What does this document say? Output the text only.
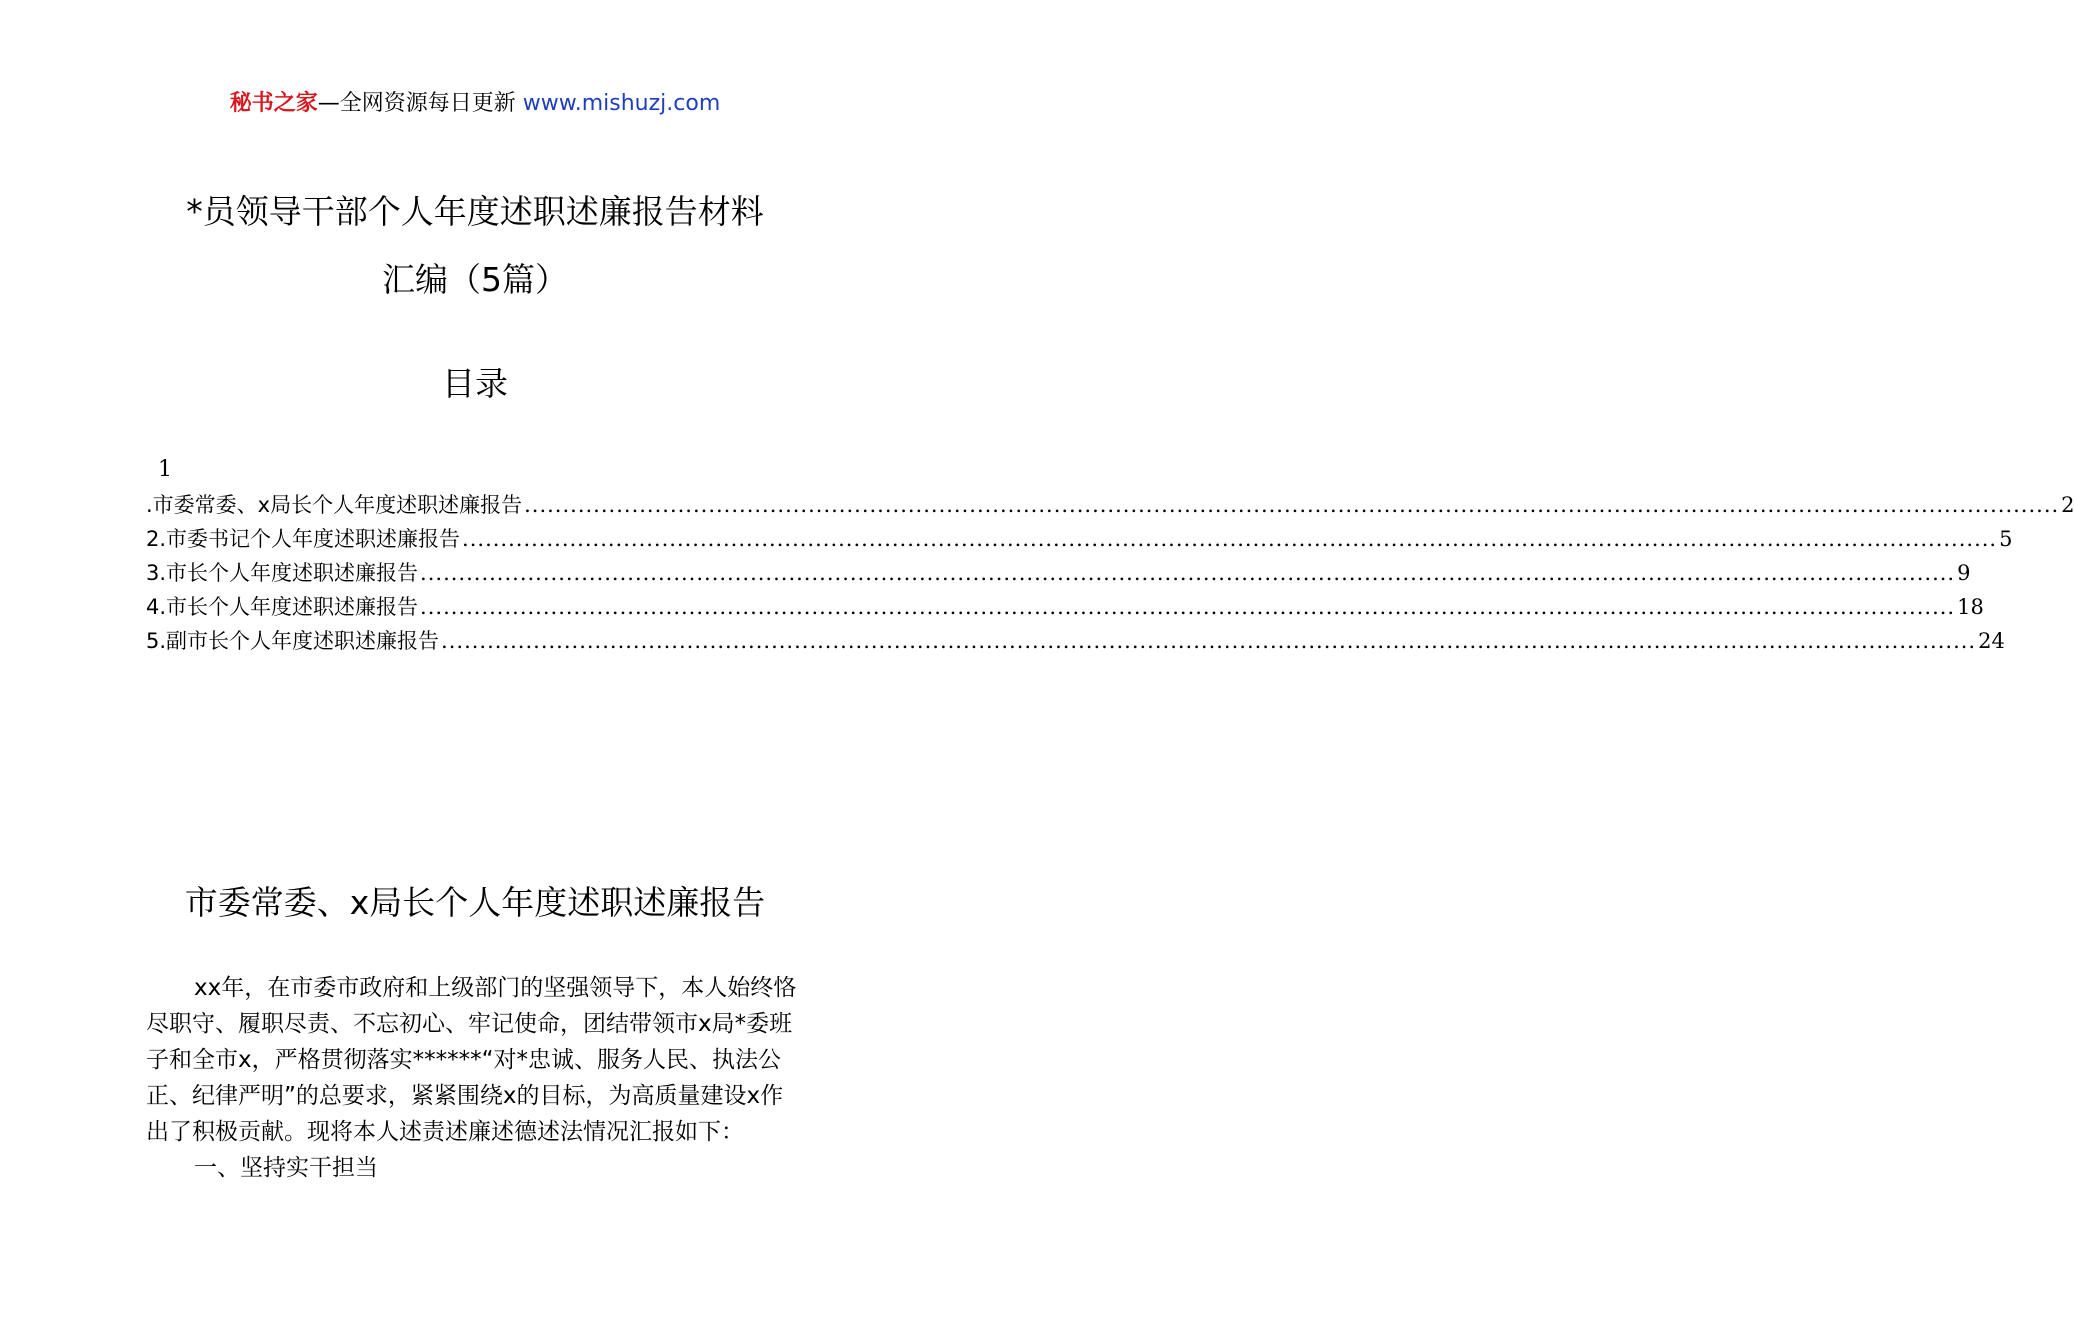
秘书之家—全网资源每日更新 www.mishuzj.com
*员领导干部个人年度述职述廉报告材料
汇编（5篇）
目录
1
.市委常委、x局长个人年度述职述廉报告 ........................................................................................................................................................................................................ 2
2.市委书记个人年度述职述廉报告 ........................................................................................................................................................................................................ 5
3.市长个人年度述职述廉报告 ........................................................................................................................................................................................................ 9
4.市长个人年度述职述廉报告 ........................................................................................................................................................................................................ 18
5.副市长个人年度述职述廉报告 ........................................................................................................................................................................................................ 24
市委常委、x局长个人年度述职述廉报告

xx年，在市委市政府和上级部门的坚强领导下，本人始终恪尽职守、履职尽责、不忘初心、牢记使命，团结带领市x局*委班子和全市x，严格贯彻落实******“对*忠诚、服务人民、执法公正、纪律严明”的总要求，紧紧围绕x的目标，为高质量建设x作出了积极贡献。现将本人述责述廉述德述法情况汇报如下：

一、坚持实干担当
